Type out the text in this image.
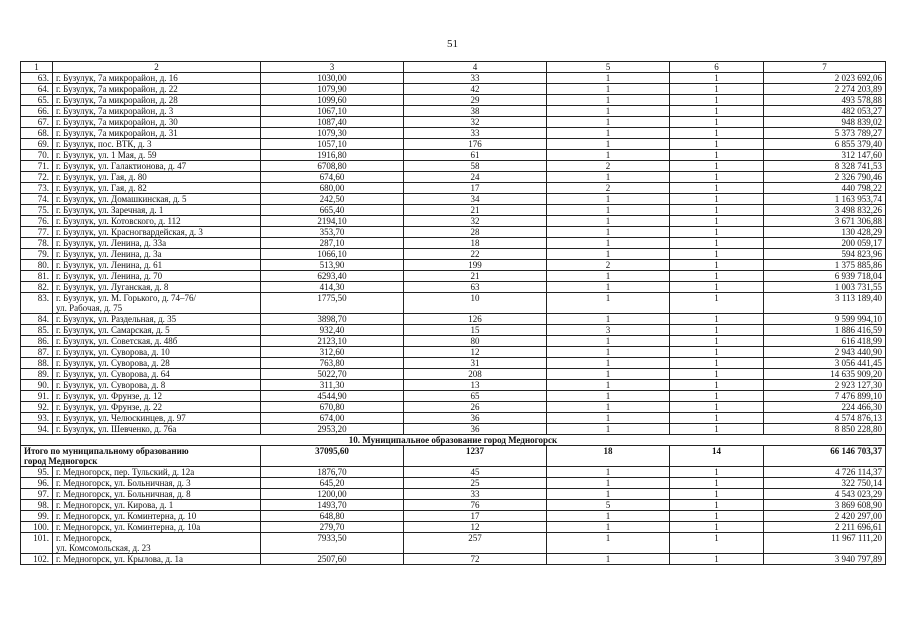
51
1	2	3	4	5	6	7
63.	г. Бузулук, 7а микрорайон, д. 16	1030,00	33	1	1	2 023 692,06
64.	г. Бузулук, 7а микрорайон, д. 22	1079,90	42	1	1	2 274 203,89
65.	г. Бузулук, 7а микрорайон, д. 28	1099,60	29	1	1	493 578,88
66.	г. Бузулук, 7а микрорайон, д. 3	1067,10	38	1	1	482 053,27
67.	г. Бузулук, 7а микрорайон, д. 30	1087,40	32	1	1	948 839,02
68.	г. Бузулук, 7а микрорайон, д. 31	1079,30	33	1	1	5 373 789,27
69.	г. Бузулук, пос. ВТК, д. 3	1057,10	176	1	1	6 855 379,40
70.	г. Бузулук, ул. 1 Мая, д. 59	1916,80	61	1	1	312 147,60
71.	г. Бузулук, ул. Галактионова, д. 47	6708,80	58	2	1	8 328 741,53
72.	г. Бузулук, ул. Гая, д. 80	674,60	24	1	1	2 326 790,46
73.	г. Бузулук, ул. Гая, д. 82	680,00	17	2	1	440 798,22
74.	г. Бузулук, ул. Домашкинская, д. 5	242,50	34	1	1	1 163 953,74
75.	г. Бузулук, ул. Заречная, д. 1	665,40	21	1	1	3 498 832,26
76.	г. Бузулук, ул. Котовского, д. 112	2194,10	32	1	1	3 671 306,88
77.	г. Бузулук, ул. Красногвардейская, д. 3	353,70	28	1	1	130 428,29
78.	г. Бузулук, ул. Ленина, д. 33а	287,10	18	1	1	200 059,17
79.	г. Бузулук, ул. Ленина, д. 3а	1066,10	22	1	1	594 823,96
80.	г. Бузулук, ул. Ленина, д. 61	513,90	199	2	1	1 375 885,86
81.	г. Бузулук, ул. Ленина, д. 70	6293,40	21	1	1	6 939 718,04
82.	г. Бузулук, ул. Луганская, д. 8	414,30	63	1	1	1 003 731,55
83.	г. Бузулук, ул. М. Горького, д. 74–76/
ул. Рабочая, д. 75	1775,50	10	1	1	3 113 189,40
84.	г. Бузулук, ул. Раздельная, д. 35	3898,70	126	1	1	9 599 994,10
85.	г. Бузулук, ул. Самарская, д. 5	932,40	15	3	1	1 886 416,59
86.	г. Бузулук, ул. Советская, д. 48б	2123,10	80	1	1	616 418,99
87.	г. Бузулук, ул. Суворова, д. 10	312,60	12	1	1	2 943 440,90
88.	г. Бузулук, ул. Суворова, д. 28	763,80	31	1	1	3 056 441,45
89.	г. Бузулук, ул. Суворова, д. 64	5022,70	208	1	1	14 635 909,20
90.	г. Бузулук, ул. Суворова, д. 8	311,30	13	1	1	2 923 127,30
91.	г. Бузулук, ул. Фрунзе, д. 12	4544,90	65	1	1	7 476 899,10
92.	г. Бузулук, ул. Фрунзе, д. 22	670,80	26	1	1	224 466,30
93.	г. Бузулук, ул. Челюскинцев, д. 97	674,00	36	1	1	4 574 876,13
94.	г. Бузулук, ул. Шевченко, д. 76а	2953,20	36	1	1	8 850 228,80
10. Муниципальное образование город Медногорск						

Итого по муниципальному образованию
город Медногорск		37095,60	1237	18	14	66 146 703,37
95.	г. Медногорск, пер. Тульский, д. 12а	1876,70	45	1	1	4 726 114,37
96.	г. Медногорск, ул. Больничная, д. 3	645,20	25	1	1	322 750,14
97.	г. Медногорск, ул. Больничная, д. 8	1200,00	33	1	1	4 543 023,29
98.	г. Медногорск, ул. Кирова, д. 1	1493,70	76	5	1	3 869 608,90
99.	г. Медногорск, ул. Коминтерна, д. 10	648,80	17	1	1	2 420 297,00
100.	г. Медногорск, ул. Коминтерна, д. 10а	279,70	12	1	1	2 211 696,61
101.	г. Медногорск,
ул. Комсомольская, д. 23	7933,50	257	1	1	11 967 111,20
102.	г. Медногорск, ул. Крылова, д. 1а	2507,60	72	1	1	3 940 797,89
